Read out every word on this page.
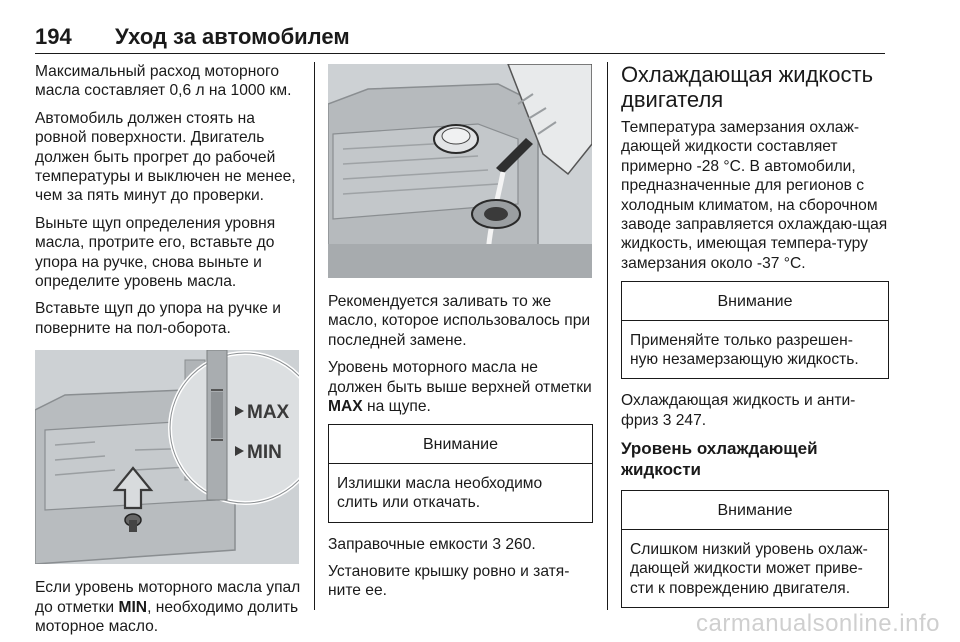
194 Уход за автомобилем

Максимальный расход моторного масла составляет 0,6 л на 1000 км.

Автомобиль должен стоять на ровной поверхности. Двигатель должен быть прогрет до рабочей температуры и выключен не менее, чем за пять минут до проверки.

Выньте щуп определения уровня масла, протрите его, вставьте до упора на ручке, снова выньте и определите уровень масла.

Вставьте щуп до упора на ручке и поверните на пол-оборота.

MAX
MIN

Если уровень моторного масла упал до отметки MIN, необходимо долить моторное масло.

Рекомендуется заливать то же масло, которое использовалось при последней замене.

Уровень моторного масла не должен быть выше верхней отметки MAX на щупе.

Внимание
Излишки масла необходимо слить или откачать.

Заправочные емкости 3 260.

Установите крышку ровно и затя-ните ее.

Охлаждающая жидкость двигателя

Температура замерзания охлаж-дающей жидкости составляет примерно -28 °C. В автомобили, предназначенные для регионов с холодным климатом, на сборочном заводе заправляется охлаждаю-щая жидкость, имеющая темпера-туру замерзания около -37 °C.

Внимание
Применяйте только разрешен-ную незамерзающую жидкость.

Охлаждающая жидкость и анти-фриз 3 247.

Уровень охлаждающей жидкости
Внимание
Слишком низкий уровень охлаж-дающей жидкости может приве-сти к повреждению двигателя.
carmanualsonline.info
